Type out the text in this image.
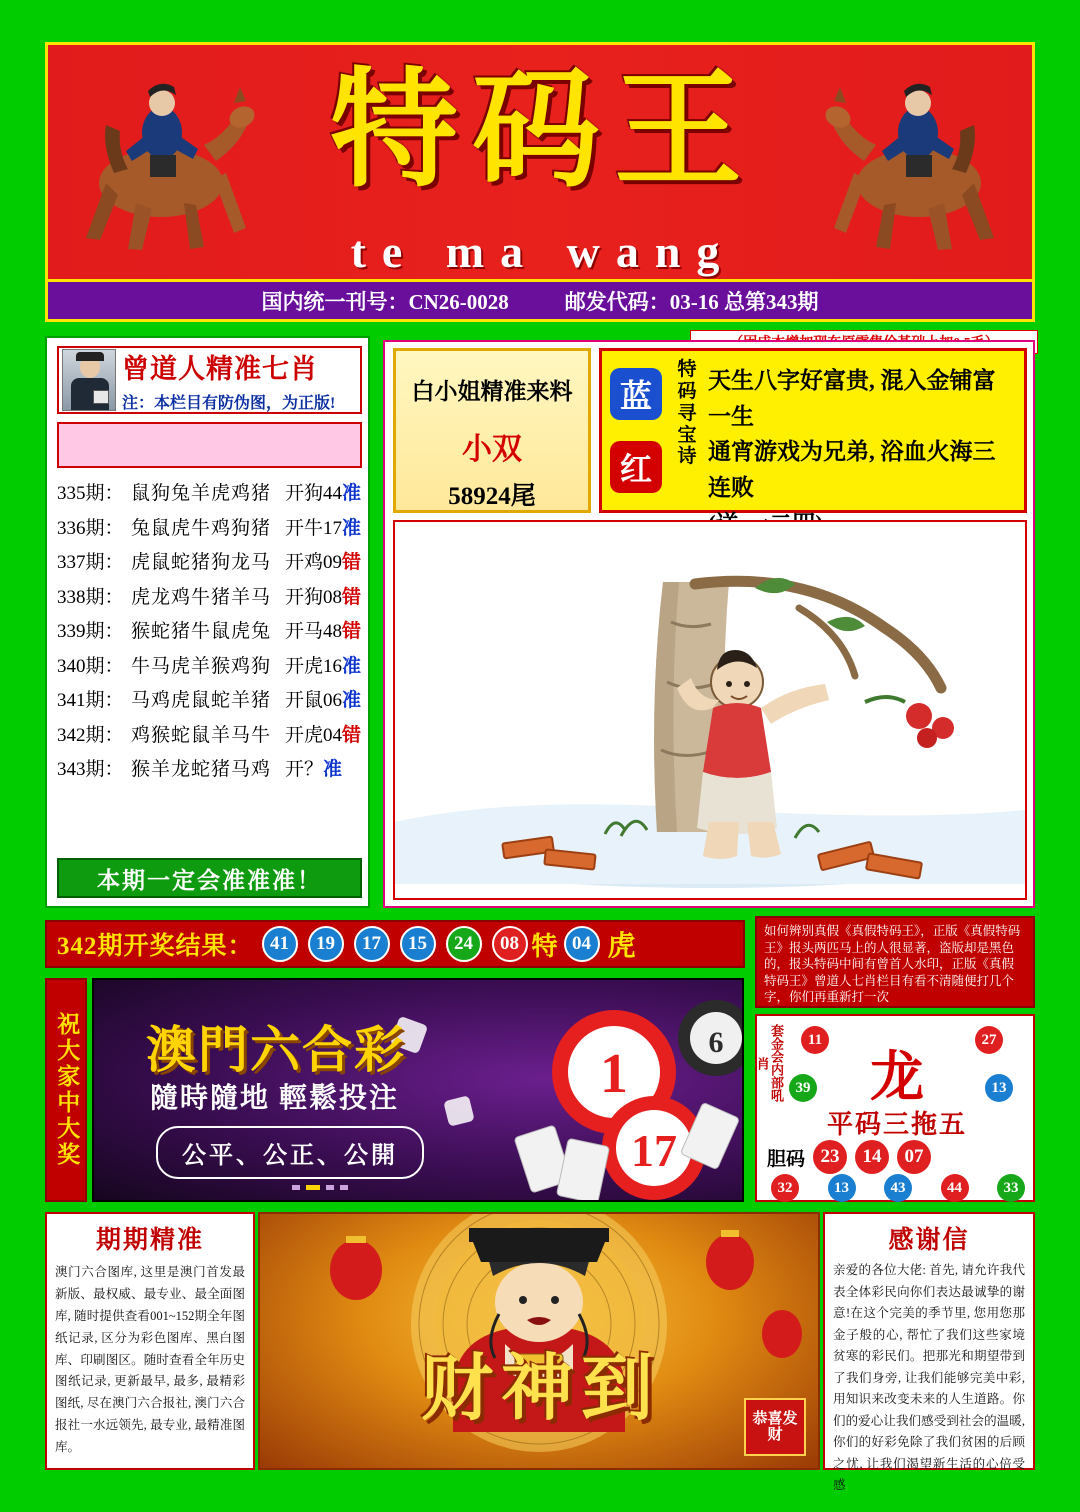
特码王
te ma wang
国内统一刊号：CN26-0028	邮发代码：03-16 总第343期
曾道人精准七肖
注：本栏目有防伪图，为正版!
335期： 鼠狗兔羊虎鸡猪 开狗44 准
336期： 兔鼠虎牛鸡狗猪 开牛17 准
337期： 虎鼠蛇猪狗龙马 开鸡09 错
338期： 虎龙鸡牛猪羊马 开狗08 错
339期： 猴蛇猪牛鼠虎兔 开马48 错
340期： 牛马虎羊猴鸡狗 开虎16 准
341期： 马鸡虎鼠蛇羊猪 开鼠06 准
342期： 鸡猴蛇鼠羊马牛 开虎04 错
343期： 猴羊龙蛇猪马鸡 开？ 准
本期一定会准准准！
白小姐精准来料
小双
58924尾
蓝
红
特码寻宝诗
天生八字好富贵, 混入金铺富一生
通宵游戏为兄弟, 浴血火海三连败
342期开奖结果： 41	19	17	15	24	08 特 04 虎	如何辨别真假《真假特码王》，正版《真假特码王》报头两匹马上的人很显著，盗版却是黑色的，报头特码中间有曾首人水印，正版《真假特码王》曾道人七肖栏目有看不清随便打几个字，你们再重新打一次
祝大家中大奖	1
17
6
澳門六合彩
隨時隨地 輕鬆投注
公平、公正、公開
套金会内部吼肖
11	27
39	13
龙
平码三拖五
胆码 23	14	07
32	13	43	44	33
期期精准
澳门六合图库, 这里是澳门首发最新版、最权威、最专业、最全面图库, 随时提供查看001~152期全年图纸记录, 区分为彩色图库、黑白图库、印刷图区。随时查看全年历史图纸记录, 更新最早, 最多, 最精彩图纸, 尽在澳门六合报社, 澳门六合报社一水远领先, 最专业, 最精准图库。
财神到	恭喜发财
感谢信
亲爱的各位大佬: 首先, 请允许我代表全体彩民向你们表达最诚挚的谢意!在这个完美的季节里, 您用您那金子般的心, 帮忙了我们这些家境贫寒的彩民们。把那光和期望带到了我们身旁, 让我们能够完美中彩, 用知识来改变未来的人生道路。你们的爱心让我们感受到社会的温暖, 你们的好彩免除了我们贫困的后顾之忧, 让我们渴望新生活的心倍受感
